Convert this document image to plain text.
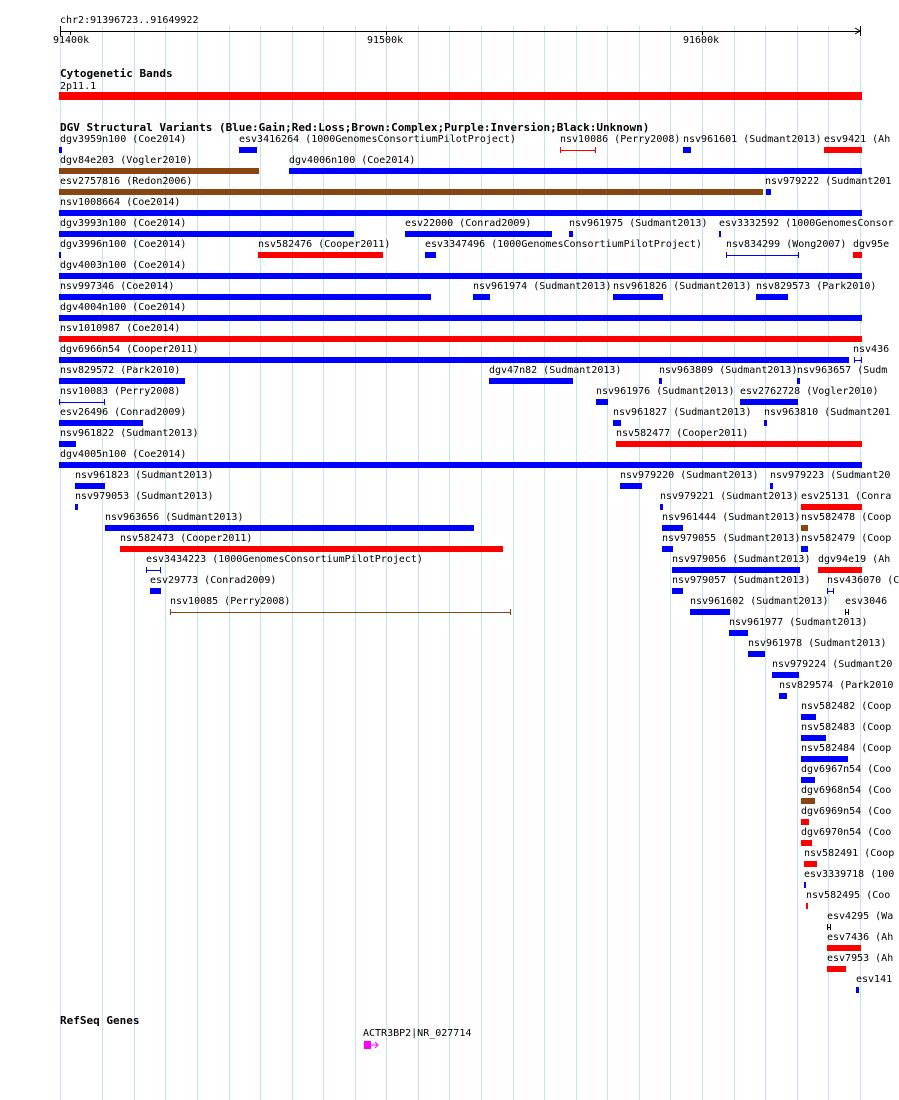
chr2:91396723..91649922
91400k	91500k	91600k
Cytogenetic Bands
2p11.1
DGV Structural Variants (Blue:Gain;Red:Loss;Brown:Complex;Purple:Inversion;Black:Unknown)
dgv3959n100 (Coe2014)	esv3416264 (1000GenomesConsortiumPilotProject)	nsv10086 (Perry2008) nsv961601 (Sudmant2013) esv9421 (Ah
dgv84e203 (Vogler2010)	dgv4006n100 (Coe2014)
esv2757816 (Redon2006)	nsv979222 (Sudmant201
nsv1008664 (Coe2014)
dgv3993n100 (Coe2014)	esv22000 (Conrad2009)	nsv961975 (Sudmant2013) esv3332592 (1000GenomesConsor
dgv3996n100 (Coe2014)	nsv582476 (Cooper2011)	esv3347496 (1000GenomesConsortiumPilotProject) nsv834299 (Wong2007) dgv95e
dgv4003n100 (Coe2014)
nsv997346 (Coe2014)	nsv961974 (Sudmant2013) nsv961826 (Sudmant2013) nsv829573 (Park2010)
dgv4004n100 (Coe2014)
nsv1010987 (Coe2014)
dgv6966n54 (Cooper2011)	nsv436
nsv829572 (Park2010)	dgv47n82 (Sudmant2013)	nsv963809 (Sudmant2013) nsv963657 (Sudm
nsv10083 (Perry2008)	nsv961976 (Sudmant2013) esv2762728 (Vogler2010)
esv26496 (Conrad2009)	nsv961827 (Sudmant2013) nsv963810 (Sudmant201
nsv961822 (Sudmant2013)	nsv582477 (Cooper2011)
dgv4005n100 (Coe2014)
nsv961823 (Sudmant2013)	nsv979220 (Sudmant2013) nsv979223 (Sudmant20
nsv979053 (Sudmant2013)	nsv979221 (Sudmant2013) esv25131 (Conra
nsv963656 (Sudmant2013)	nsv961444 (Sudmant2013) nsv582478 (Coop
nsv582473 (Cooper2011)	nsv979055 (Sudmant2013) nsv582479 (Coop
esv3434223 (1000GenomesConsortiumPilotProject)	nsv979056 (Sudmant2013) dgv94e19 (Ah
esv29773 (Conrad2009)	nsv979057 (Sudmant2013) nsv436070 (C
nsv10085 (Perry2008)	nsv961602 (Sudmant2013) esv3046
nsv961977 (Sudmant2013)
nsv961978 (Sudmant2013)
nsv979224 (Sudmant20
nsv829574 (Park2010
nsv582482 (Coop
nsv582483 (Coop
nsv582484 (Coop
dgv6967n54 (Coo
dgv6968n54 (Coo
dgv6969n54 (Coo
dgv6970n54 (Coo
nsv582491 (Coop
esv3339718 (100
nsv582495 (Coo
esv4295 (Wa
esv7436 (Ah
esv7953 (Ah
esv141
RefSeq Genes
ACTR3BP2|NR_027714
